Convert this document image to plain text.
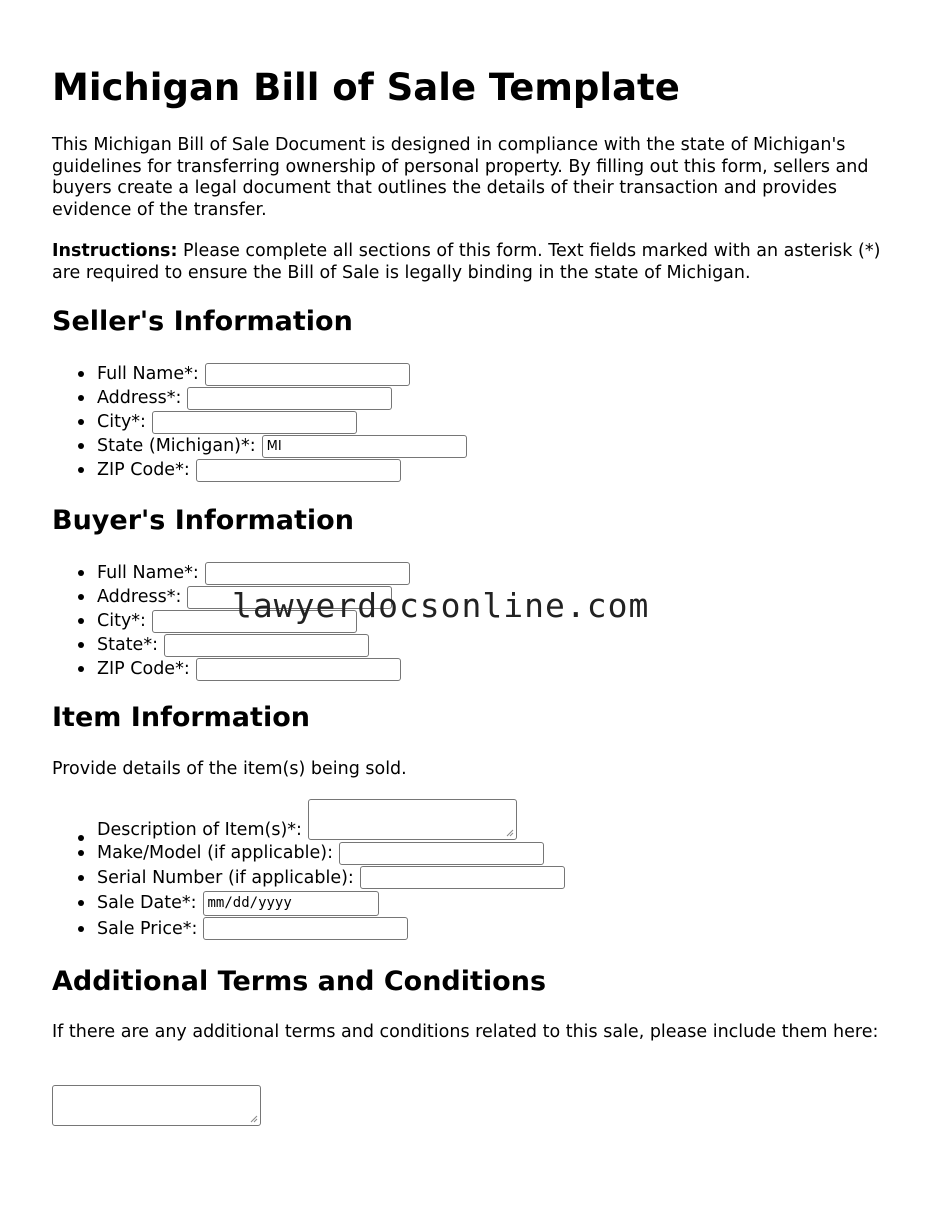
Michigan Bill of Sale Template

This Michigan Bill of Sale Document is designed in compliance with the state of Michigan's guidelines for transferring ownership of personal property. By filling out this form, sellers and buyers create a legal document that outlines the details of their transaction and provides evidence of the transfer.

Instructions: Please complete all sections of this form. Text fields marked with an asterisk (*) are required to ensure the Bill of Sale is legally binding in the state of Michigan.

Seller's Information
Full Name*:
Address*:
City*:
State (Michigan)*: MI
ZIP Code*:
Buyer's Information
Full Name*:
Address*:
City*:
State*:
ZIP Code*:
Item Information

Provide details of the item(s) being sold.

Description of Item(s)*:
Make/Model (if applicable):
Serial Number (if applicable):
Sale Date*: mm/dd/yyyy
Sale Price*:
Additional Terms and Conditions

If there are any additional terms and conditions related to this sale, please include them here:

lawyerdocsonline.com
